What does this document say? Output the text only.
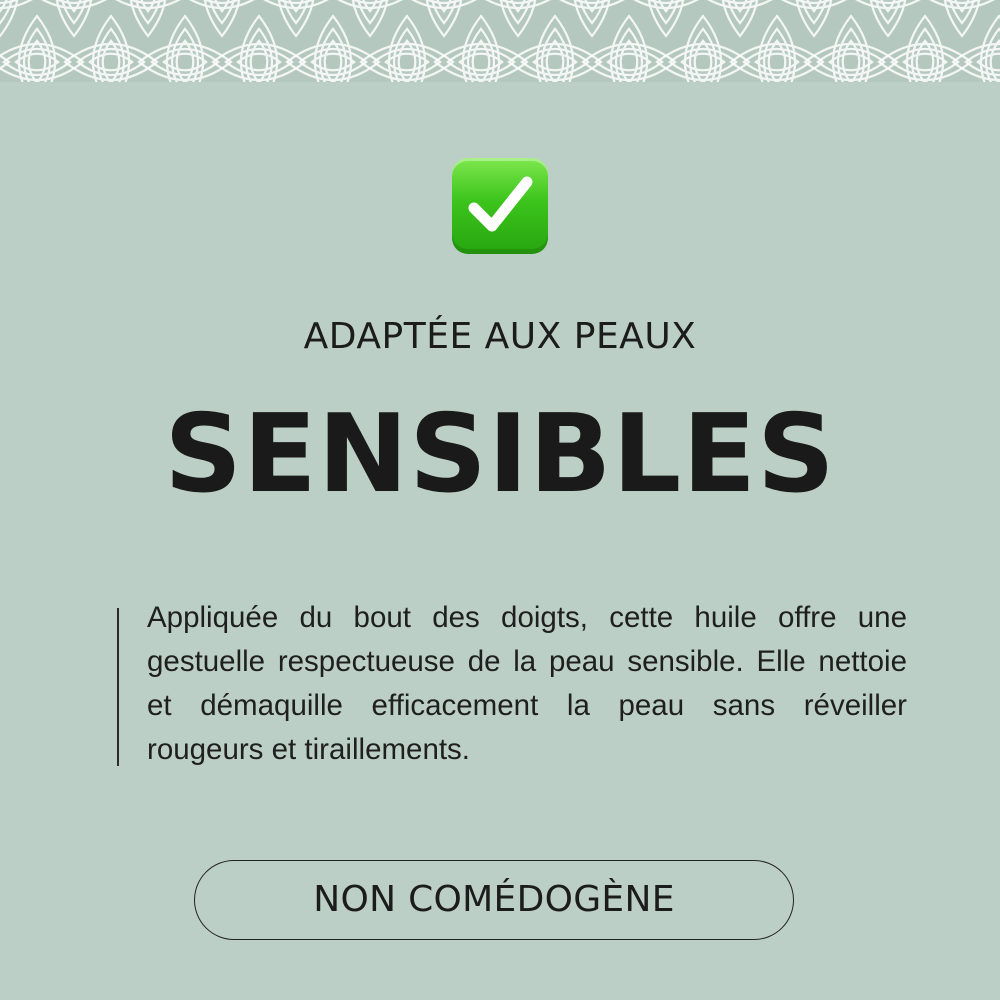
ADAPTÉE AUX PEAUX
SENSIBLES

Appliquée du bout des doigts, cette huile offre une gestuelle respectueuse de la peau sensible. Elle nettoie et démaquille efficacement la peau sans réveiller rougeurs et tiraillements.

NON COMÉDOGÈNE
